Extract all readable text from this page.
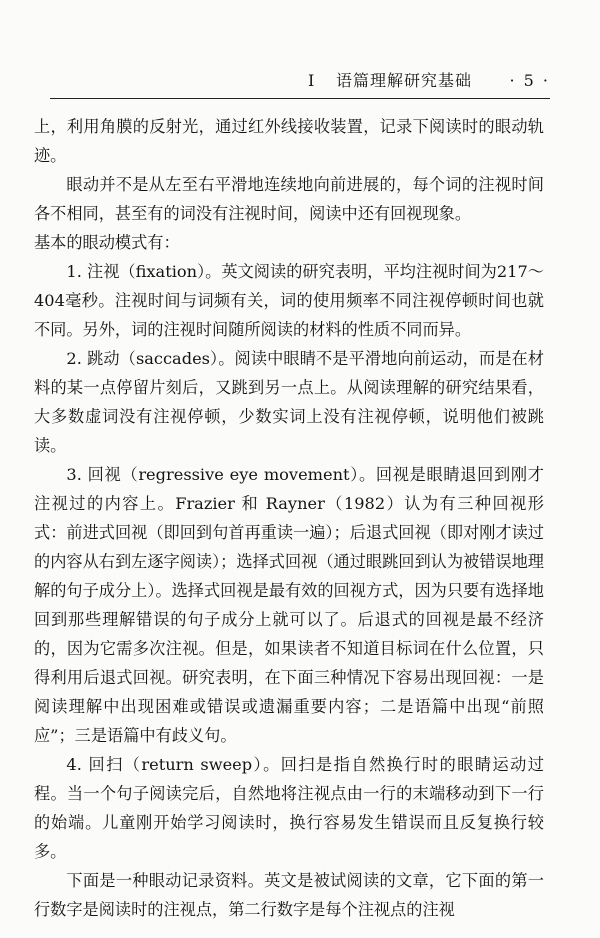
I 语篇理解研究基础 · 5 ·

上，利用角膜的反射光，通过红外线接收装置，记录下阅读时的眼动轨迹。

眼动并不是从左至右平滑地连续地向前进展的，每个词的注视时间各不相同，甚至有的词没有注视时间，阅读中还有回视现象。

基本的眼动模式有：

1. 注视（fixation）。英文阅读的研究表明，平均注视时间为217～404毫秒。注视时间与词频有关，词的使用频率不同注视停顿时间也就不同。另外，词的注视时间随所阅读的材料的性质不同而异。

2. 跳动（saccades）。阅读中眼睛不是平滑地向前运动，而是在材料的某一点停留片刻后，又跳到另一点上。从阅读理解的研究结果看，大多数虚词没有注视停顿，少数实词上没有注视停顿，说明他们被跳读。

3. 回视（regressive eye movement）。回视是眼睛退回到刚才注视过的内容上。Frazier 和 Rayner（1982）认为有三种回视形式：前进式回视（即回到句首再重读一遍）；后退式回视（即对刚才读过的内容从右到左逐字阅读）；选择式回视（通过眼跳回到认为被错误地理解的句子成分上）。选择式回视是最有效的回视方式，因为只要有选择地回到那些理解错误的句子成分上就可以了。后退式的回视是最不经济的，因为它需多次注视。但是，如果读者不知道目标词在什么位置，只得利用后退式回视。研究表明，在下面三种情况下容易出现回视：一是阅读理解中出现困难或错误或遗漏重要内容；二是语篇中出现“前照应”；三是语篇中有歧义句。

4. 回扫（return sweep）。回扫是指自然换行时的眼睛运动过程。当一个句子阅读完后，自然地将注视点由一行的末端移动到下一行的始端。儿童刚开始学习阅读时，换行容易发生错误而且反复换行较多。

下面是一种眼动记录资料。英文是被试阅读的文章，它下面的第一行数字是阅读时的注视点，第二行数字是每个注视点的注视
